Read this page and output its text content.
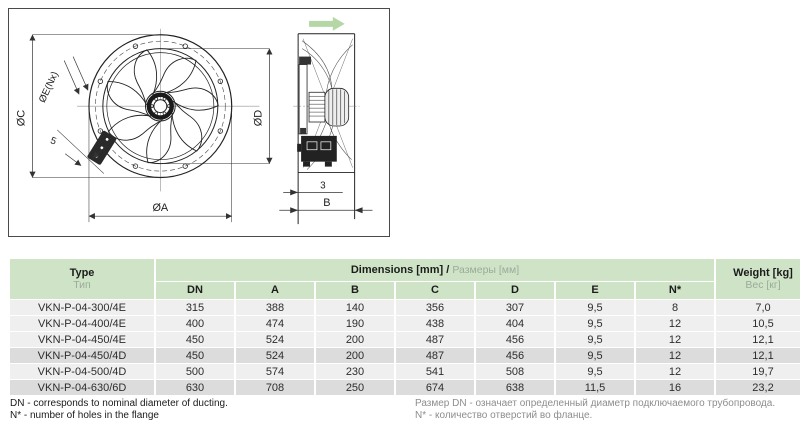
ØC
ØE(Nx)
5
ØA
ØD
3
B
Type
Тип
	Dimensions [mm] / Размеры [мм]	Weight [kg]
Вес [кг]

	DN	A	B	C	D	E	N*	
VKN-P-04-300/4E	315	388	140	356	307	9,5	8	7,0
VKN-P-04-400/4E	400	474	190	438	404	9,5	12	10,5
VKN-P-04-450/4E	450	524	200	487	456	9,5	12	12,1
VKN-P-04-450/4D	450	524	200	487	456	9,5	12	12,1
VKN-P-04-500/4D	500	574	230	541	508	9,5	12	19,7
VKN-P-04-630/6D	630	708	250	674	638	11,5	16	23,2
DN - corresponds to nominal diameter of ducting.
N* - number of holes in the flange
Размер DN - означает определенный диаметр подключаемого трубопровода.
N* - количество отверстий во фланце.
